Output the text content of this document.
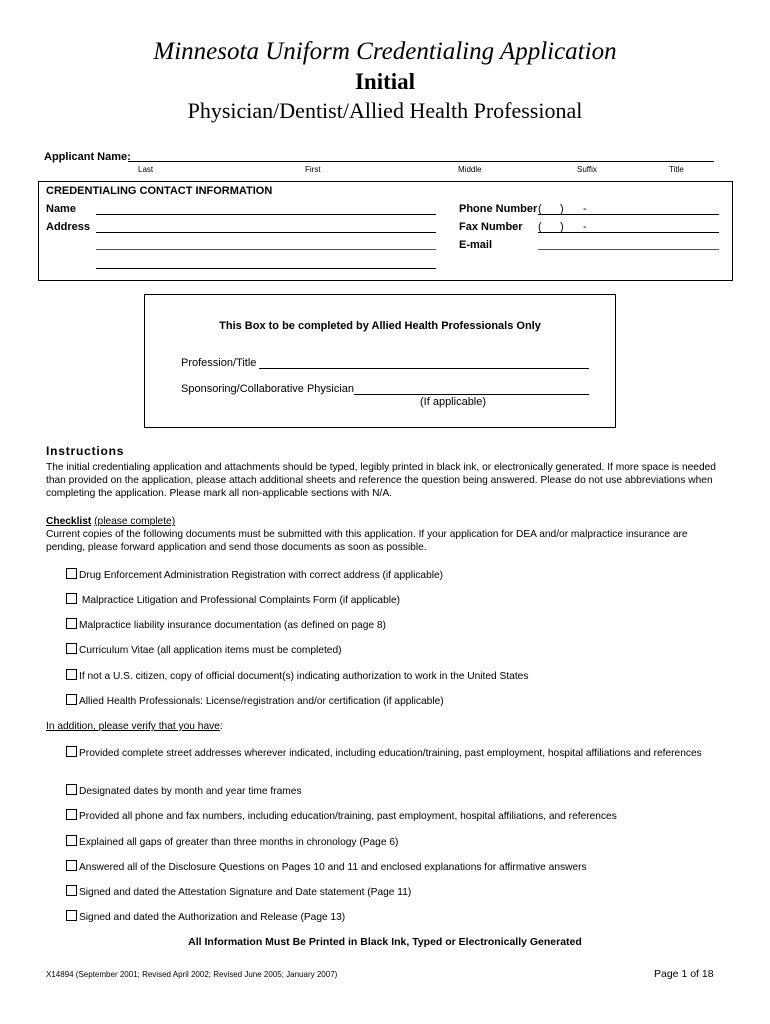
Minnesota Uniform Credentialing Application
Initial
Physician/Dentist/Allied Health Professional
Applicant Name:
Last	First	Middle	Suffix	Title
CREDENTIALING CONTACT INFORMATION
Name
Address
Phone Number ( ) -
Fax Number ( ) -
E-mail
This Box to be completed by Allied Health Professionals Only
Profession/Title
Sponsoring/Collaborative Physician
(If applicable)
Instructions
The initial credentialing application and attachments should be typed, legibly printed in black ink, or electronically generated. If more space is needed than provided on the application, please attach additional sheets and reference the question being answered. Please do not use abbreviations when completing the application. Please mark all non-applicable sections with N/A.
Checklist (please complete)
Current copies of the following documents must be submitted with this application. If your application for DEA and/or malpractice insurance are pending, please forward application and send those documents as soon as possible.
Drug Enforcement Administration Registration with correct address (if applicable)
Malpractice Litigation and Professional Complaints Form (if applicable)
Malpractice liability insurance documentation (as defined on page 8)
Curriculum Vitae (all application items must be completed)
If not a U.S. citizen, copy of official document(s) indicating authorization to work in the United States
Allied Health Professionals: License/registration and/or certification (if applicable)
In addition, please verify that you have:
Provided complete street addresses wherever indicated, including education/training, past employment, hospital affiliations and references
Designated dates by month and year time frames
Provided all phone and fax numbers, including education/training, past employment, hospital affiliations, and references
Explained all gaps of greater than three months in chronology (Page 6)
Answered all of the Disclosure Questions on Pages 10 and 11 and enclosed explanations for affirmative answers
Signed and dated the Attestation Signature and Date statement (Page 11)
Signed and dated the Authorization and Release (Page 13)
All Information Must Be Printed in Black Ink, Typed or Electronically Generated
X14894 (September 2001; Revised April 2002; Revised June 2005; January 2007)	Page 1 of 18
